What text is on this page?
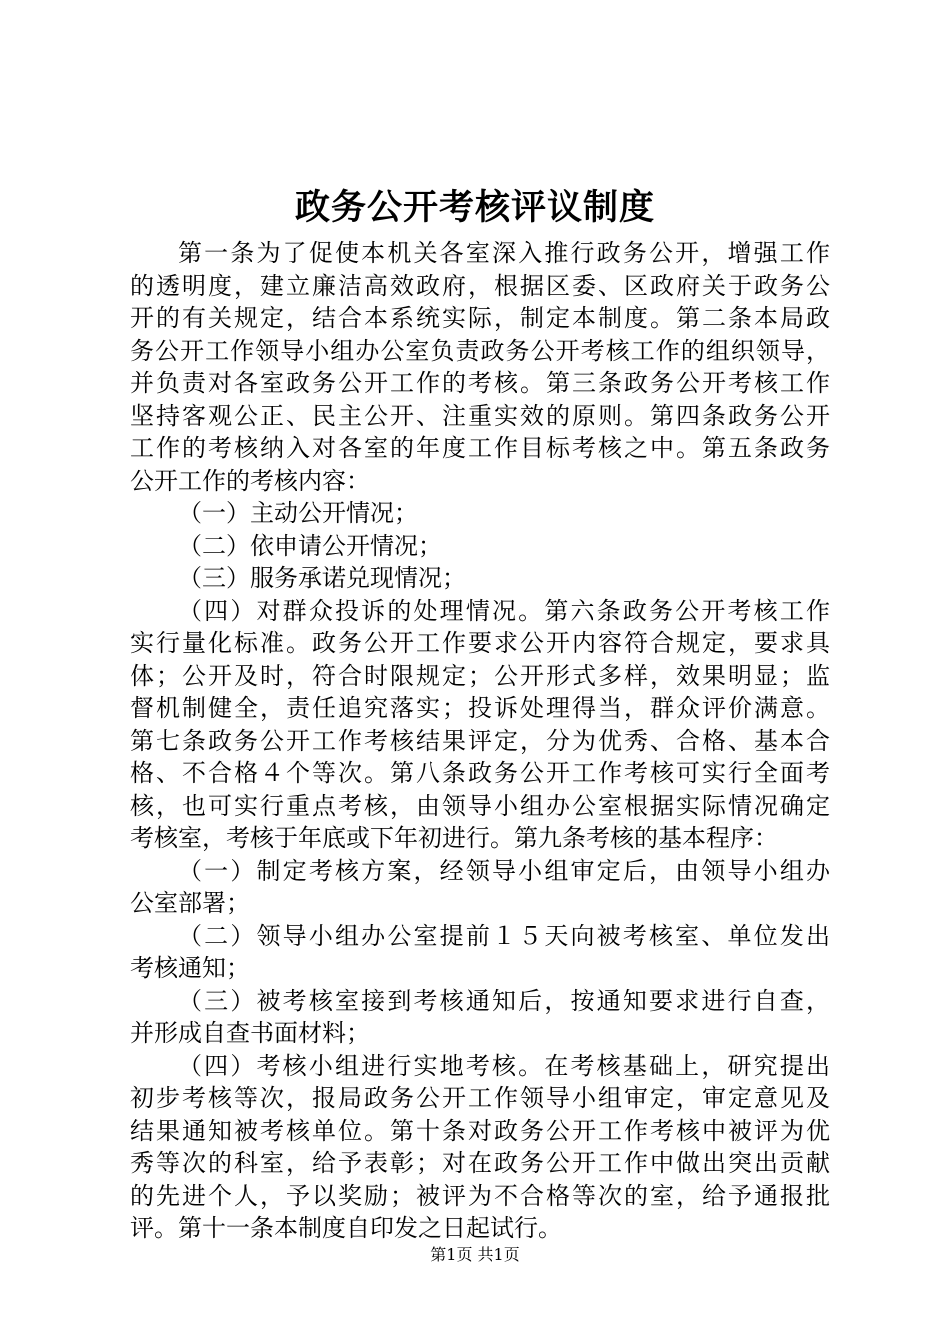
政务公开考核评议制度
第一条为了促使本机关各室深入推行政务公开，增强工作
的透明度，建立廉洁高效政府，根据区委、区政府关于政务公
开的有关规定，结合本系统实际，制定本制度。第二条本局政
务公开工作领导小组办公室负责政务公开考核工作的组织领导，
并负责对各室政务公开工作的考核。第三条政务公开考核工作
坚持客观公正、民主公开、注重实效的原则。第四条政务公开
工作的考核纳入对各室的年度工作目标考核之中。第五条政务
公开工作的考核内容：
（一）主动公开情况；
（二）依申请公开情况；
（三）服务承诺兑现情况；
（四）对群众投诉的处理情况。第六条政务公开考核工作
实行量化标准。政务公开工作要求公开内容符合规定，要求具
体；公开及时，符合时限规定；公开形式多样，效果明显；监
督机制健全，责任追究落实；投诉处理得当，群众评价满意。
第七条政务公开工作考核结果评定，分为优秀、合格、基本合
格、不合格４个等次。第八条政务公开工作考核可实行全面考
核，也可实行重点考核，由领导小组办公室根据实际情况确定
考核室，考核于年底或下年初进行。第九条考核的基本程序：
（一）制定考核方案，经领导小组审定后，由领导小组办
公室部署；
（二）领导小组办公室提前１５天向被考核室、单位发出
考核通知；
（三）被考核室接到考核通知后，按通知要求进行自查，
并形成自查书面材料；
（四）考核小组进行实地考核。在考核基础上，研究提出
初步考核等次，报局政务公开工作领导小组审定，审定意见及
结果通知被考核单位。第十条对政务公开工作考核中被评为优
秀等次的科室，给予表彰；对在政务公开工作中做出突出贡献
的先进个人，予以奖励；被评为不合格等次的室，给予通报批
评。第十一条本制度自印发之日起试行。
第1页 共1页
